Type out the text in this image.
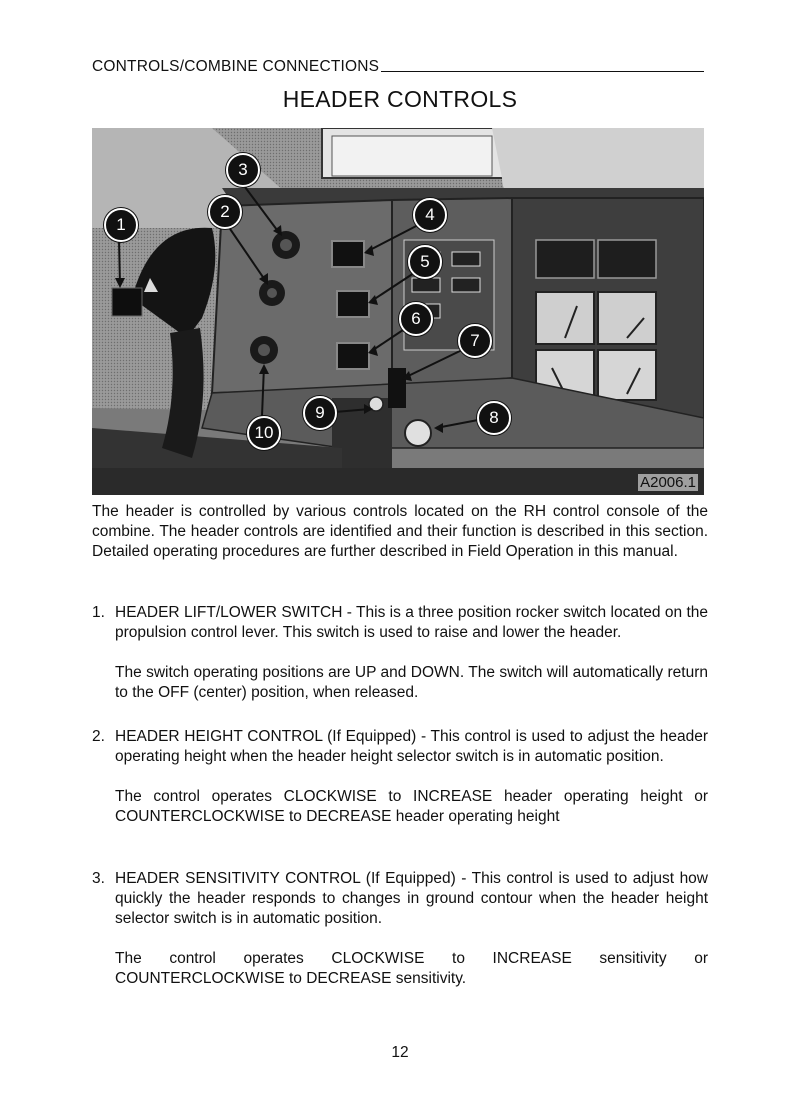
CONTROLS/COMBINE CONNECTIONS
HEADER CONTROLS
1
2
3
4
5
6
7
8
9
10
A2006.1
The header is controlled by various controls located on the RH control console of the combine. The header controls are identified and their function is described in this section. Detailed operating procedures are further described in Field Operation in this manual.
1. HEADER LIFT/LOWER SWITCH - This is a three position rocker switch located on the propulsion control lever. This switch is used to raise and lower the header.
The switch operating positions are UP and DOWN. The switch will automatically return to the OFF (center) position, when released.
2. HEADER HEIGHT CONTROL (If Equipped) - This control is used to adjust the header operating height when the header height selector switch is in automatic position.
The control operates CLOCKWISE to INCREASE header operating height or COUNTERCLOCKWISE to DECREASE header operating height
3. HEADER SENSITIVITY CONTROL (If Equipped) - This control is used to adjust how quickly the header responds to changes in ground contour when the header height selector switch is in automatic position.
The control operates CLOCKWISE to INCREASE sensitivity or COUNTERCLOCKWISE to DECREASE sensitivity.
12
